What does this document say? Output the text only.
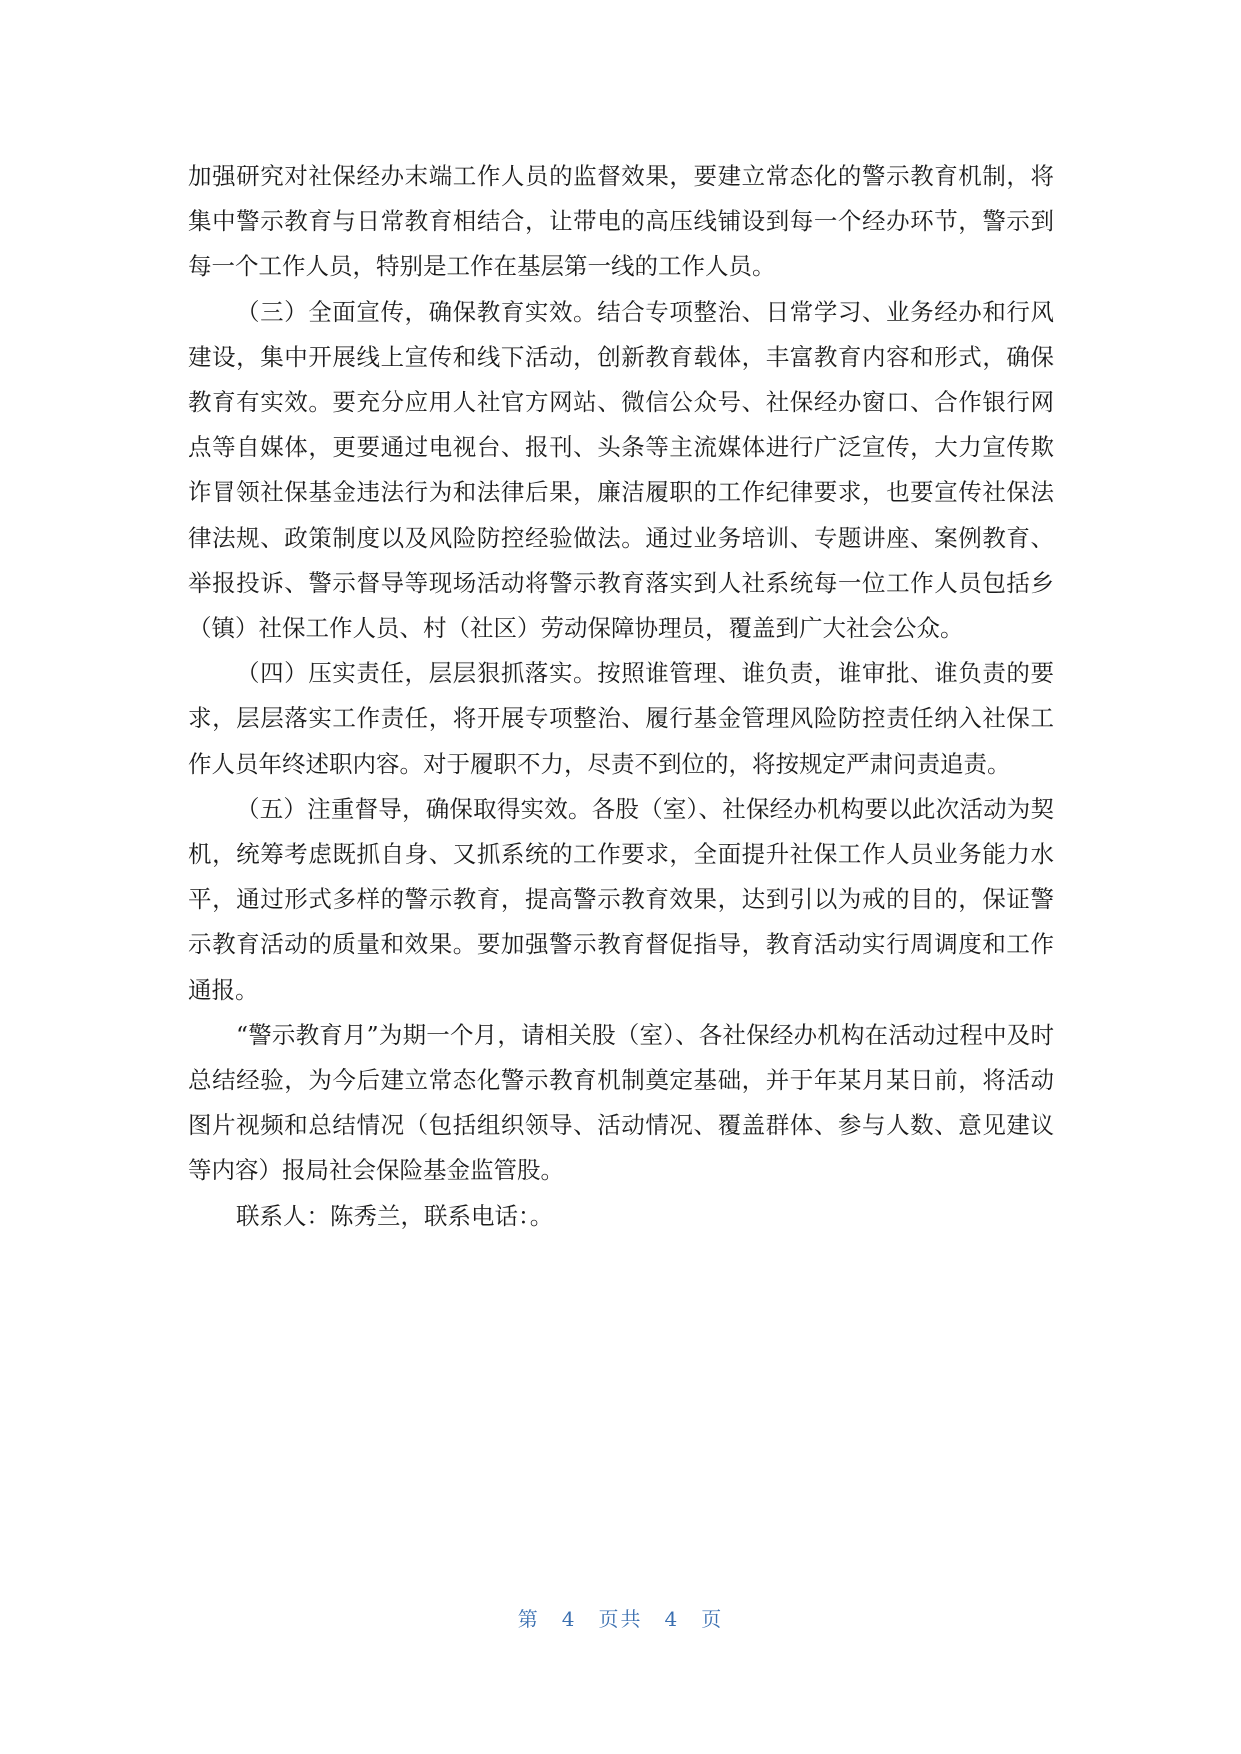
加强研究对社保经办末端工作人员的监督效果，要建立常态化的警示教育机制，将集中警示教育与日常教育相结合，让带电的高压线铺设到每一个经办环节，警示到每一个工作人员，特别是工作在基层第一线的工作人员。

（三）全面宣传，确保教育实效。结合专项整治、日常学习、业务经办和行风建设，集中开展线上宣传和线下活动，创新教育载体，丰富教育内容和形式，确保教育有实效。要充分应用人社官方网站、微信公众号、社保经办窗口、合作银行网点等自媒体，更要通过电视台、报刊、头条等主流媒体进行广泛宣传，大力宣传欺诈冒领社保基金违法行为和法律后果，廉洁履职的工作纪律要求，也要宣传社保法律法规、政策制度以及风险防控经验做法。通过业务培训、专题讲座、案例教育、举报投诉、警示督导等现场活动将警示教育落实到人社系统每一位工作人员包括乡（镇）社保工作人员、村（社区）劳动保障协理员，覆盖到广大社会公众。

（四）压实责任，层层狠抓落实。按照谁管理、谁负责，谁审批、谁负责的要求，层层落实工作责任，将开展专项整治、履行基金管理风险防控责任纳入社保工作人员年终述职内容。对于履职不力，尽责不到位的，将按规定严肃问责追责。

（五）注重督导，确保取得实效。各股（室）、社保经办机构要以此次活动为契机，统筹考虑既抓自身、又抓系统的工作要求，全面提升社保工作人员业务能力水平，通过形式多样的警示教育，提高警示教育效果，达到引以为戒的目的，保证警示教育活动的质量和效果。要加强警示教育督促指导，教育活动实行周调度和工作通报。

“警示教育月”为期一个月，请相关股（室）、各社保经办机构在活动过程中及时总结经验，为今后建立常态化警示教育机制奠定基础，并于年某月某日前，将活动图片视频和总结情况（包括组织领导、活动情况、覆盖群体、参与人数、意见建议等内容）报局社会保险基金监管股。

联系人：陈秀兰，联系电话：。

第 4 页共 4 页
